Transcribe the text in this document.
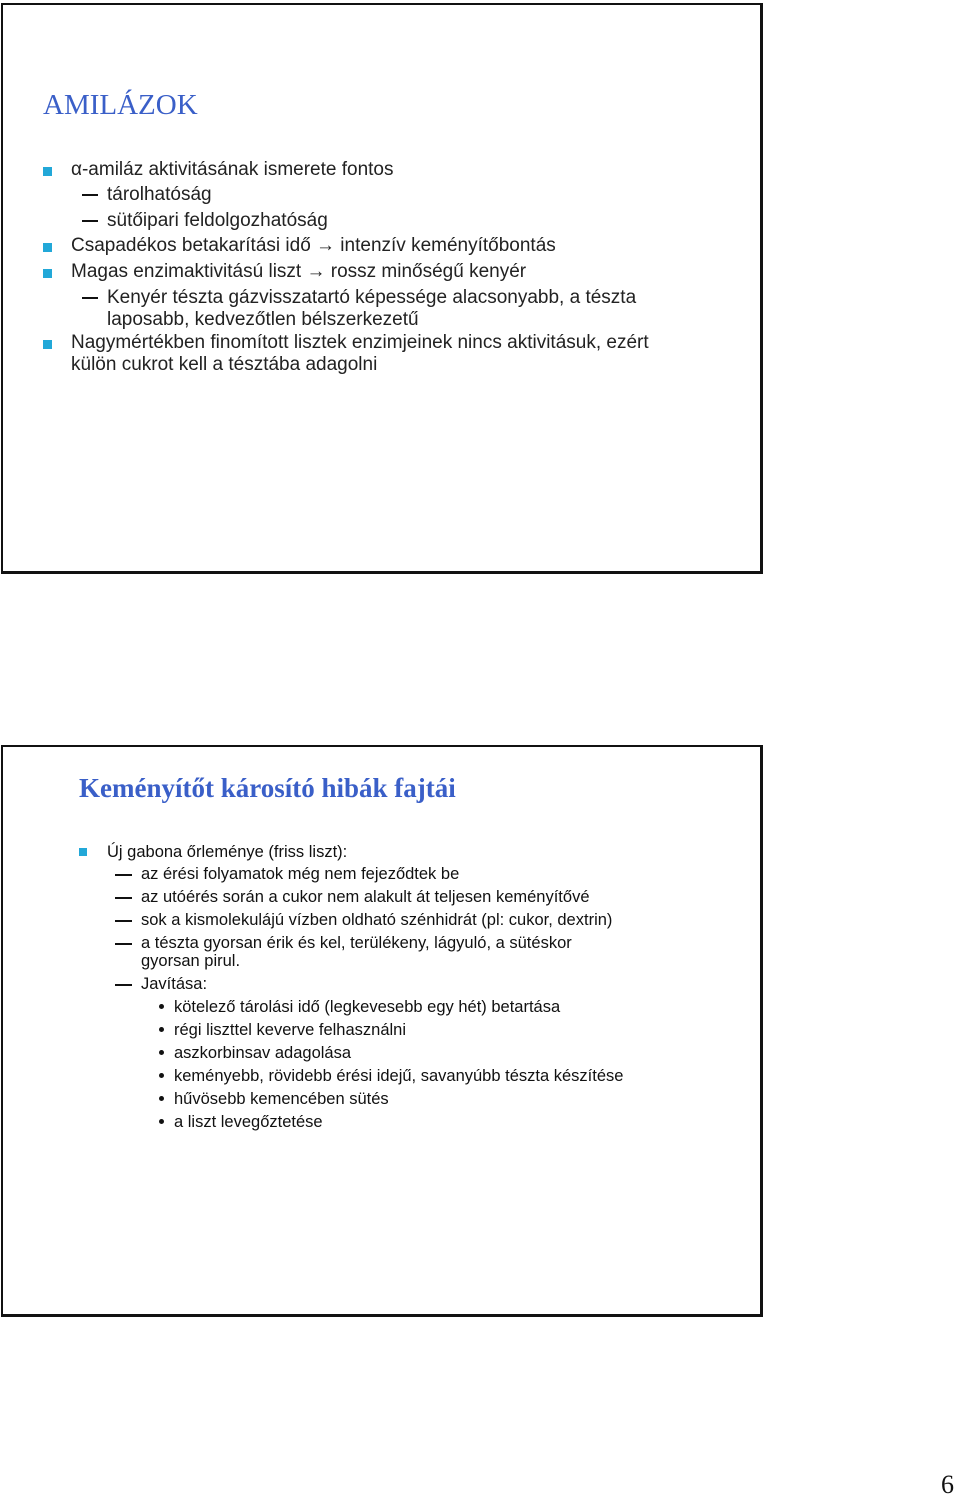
AMILÁZOK
α-amiláz aktivitásának ismerete fontos
tárolhatóság
sütőipari feldolgozhatóság
Csapadékos betakarítási idő → intenzív keményítőbontás
Magas enzimaktivitású liszt → rossz minőségű kenyér
Kenyér tészta gázvisszatartó képessége alacsonyabb, a tészta
laposabb, kedvezőtlen bélszerkezetű
Nagymértékben finomított lisztek enzimjeinek nincs aktivitásuk, ezért
külön cukrot kell a tésztába adagolni
Keményítőt károsító hibák fajtái
Új gabona őrleménye (friss liszt):
az érési folyamatok még nem fejeződtek be
az utóérés során a cukor nem alakult át teljesen keményítővé
sok a kismolekulájú vízben oldható szénhidrát (pl: cukor, dextrin)
a tészta gyorsan érik és kel, terülékeny, lágyuló, a sütéskor
gyorsan pirul.
Javítása:
kötelező tárolási idő (legkevesebb egy hét) betartása
régi liszttel keverve felhasználni
aszkorbinsav adagolása
keményebb, rövidebb érési idejű, savanyúbb tészta készítése
hűvösebb kemencében sütés
a liszt levegőztetése
6
